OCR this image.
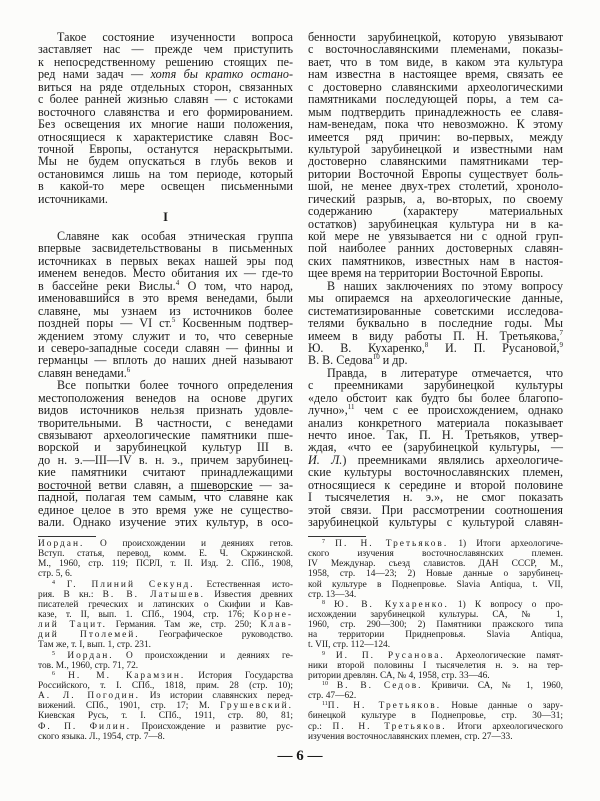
Такое состояние изученности вопроса
заставляет нас — прежде чем приступить
к непосредственному решению стоящих пе-
ред нами задач — хотя бы кратко остано-
виться на ряде отдельных сторон, связанных
с более ранней жизнью славян — с истоками
восточного славянства и его формированием.
Без освещения их многие наши положения,
относящиеся к характеристике славян Вос-
точной Европы, останутся нераскрытыми.
Мы не будем опускаться в глубь веков и
остановимся лишь на том периоде, который
в какой-то мере освещен письменными
источниками.
I
Славяне как особая этническая группа
впервые засвидетельствованы в письменных
источниках в первых веках нашей эры под
именем венедов. Место обитания их — где-то
в бассейне реки Вислы.$^4$ О том, что народ,
именовавшийся в это время венедами, были
славяне, мы узнаем из источников более
поздней поры — VI ст.$^5$ Косвенным подтвер-
ждением этому служит и то, что северные
и северо-западные соседи славян — финны и
германцы — вплоть до наших дней называют
славян венедами.$^6$
Все попытки более точного определения
местоположения венедов на основе других
видов источников нельзя признать удовле-
творительными. В частности, с венедами
связывают археологические памятники пше-
ворской и зарубинецкой культур III в.
до н. э.—III—IV в. н. э., причем зарубинец-
кие памятники считают принадлежащими
восточной ветви славян, а пшеворские — за-
падной, полагая тем самым, что славяне как
единое целое в это время уже не существо-
вали. Однако изучение этих культур, в осо-
бенности зарубинецкой, которую увязывают
с восточнославянскими племенами, показы-
вает, что в том виде, в каком эта культура
нам известна в настоящее время, связать ее
с достоверно славянскими археологическими
памятниками последующей поры, а тем са-
мым подтвердить принадлежность ее славя-
нам-венедам, пока что невозможно. К этому
имеется ряд причин: во-первых, между
культурой зарубинецкой и известными нам
достоверно славянскими памятниками тер-
ритории Восточной Европы существует боль-
шой, не менее двух-трех столетий, хроноло-
гический разрыв, а, во-вторых, по своему
содержанию (характеру материальных
остатков) зарубинецкая культура ни в ка-
кой мере не увязывается ни с одной груп-
пой наиболее ранних достоверных славян-
ских памятников, известных нам в настоя-
щее время на территории Восточной Европы.
В наших заключениях по этому вопросу
мы опираемся на археологические данные,
систематизированные советскими исследова-
телями буквально в последние годы. Мы
имеем в виду работы П. Н. Третьякова,$^7$
Ю. В. Кухаренко,$^8$ И. П. Русановой,$^9$
В. В. Седова$^{10}$ и др.
Правда, в литературе отмечается, что
с преемниками зарубинецкой культуры
«дело обстоит как будто бы более благопо-
лучно»,$^{11}$ чем с ее происхождением, однако
анализ конкретного материала показывает
нечто иное. Так, П. Н. Третьяков, утвер-
ждая, «что ее (зарубинецкой культуры, —
И. Л.) преемниками являлись археологиче-
ские культуры восточнославянских племен,
относящиеся к середине и второй половине
I тысячелетия н. э.», не смог показать
этой связи. При рассмотрении соотношения
зарубинецкой культуры с культурой славян-
Иордан. О происхождении и деяниях гетов.
Вступ. статья, перевод, комм. Е. Ч. Скржинской.
М., 1960, стр. 119; ПСРЛ, т. II. Изд. 2. СПб., 1908,
стр. 5, 6.
$^4$ Г. Плиний Секунд. Естественная исто-
рия. В кн.: В. В. Латышев. Известия древних
писателей греческих и латинских о Скифии и Кав-
казе, т. II, вып. 1. СПб., 1904, стр. 176; Корне-
лий Тацит. Германия. Там же, стр. 250; Клав-
дий Птолемей. Географическое руководство.
Там же, т. I, вып. 1, стр. 231.
$^5$ Иордан. О происхождении и деяниях ге-
тов. М., 1960, стр. 71, 72.
$^6$ Н. М. Карамзин. История Государства
Российского, т. I. СПб., 1818, прим. 28 (стр. 10);
А. Л. Погодин. Из истории славянских перед-
вижений. СПб., 1901, стр. 17; М. Грушевский.
Киевская Русь, т. I. СПб., 1911, стр. 80, 81;
Ф. П. Филин. Происхождение и развитие рус-
ского языка. Л., 1954, стр. 7—8.
$^7$ П. Н. Третьяков. 1) Итоги археологиче-
ского изучения восточнославянских племен.
IV Междунар. съезд славистов. ДАН СССР, М.,
1958, стр. 14—23; 2) Новые данные о зарубинец-
кой культуре в Поднепровье. Slavia Antiqua, t. VII,
стр. 13—34.
$^8$ Ю. В. Кухаренко. 1) К вопросу о про-
исхождении зарубинецкой культуры. СА, № 1,
1960, стр. 290—300; 2) Памятники пражского типа
на территории Приднепровья. Slavia Antiqua,
t. VII, стр. 112—124.
$^9$ И. П. Русанова. Археологические памят-
ники второй половины I тысячелетия н. э. на тер-
ритории древлян. СА, № 4, 1958, стр. 33—46.
$^{10}$ В. В. Седов. Кривичи. СА, № 1, 1960,
стр. 47—62.
$^{11}$П. Н. Третьяков. Новые данные о зару-
бинецкой культуре в Поднепровье, стр. 30—31;
ср.: П. Н. Третьяков. Итоги археологического
изучения восточнославянских племен, стр. 27—33.
— 6 —
